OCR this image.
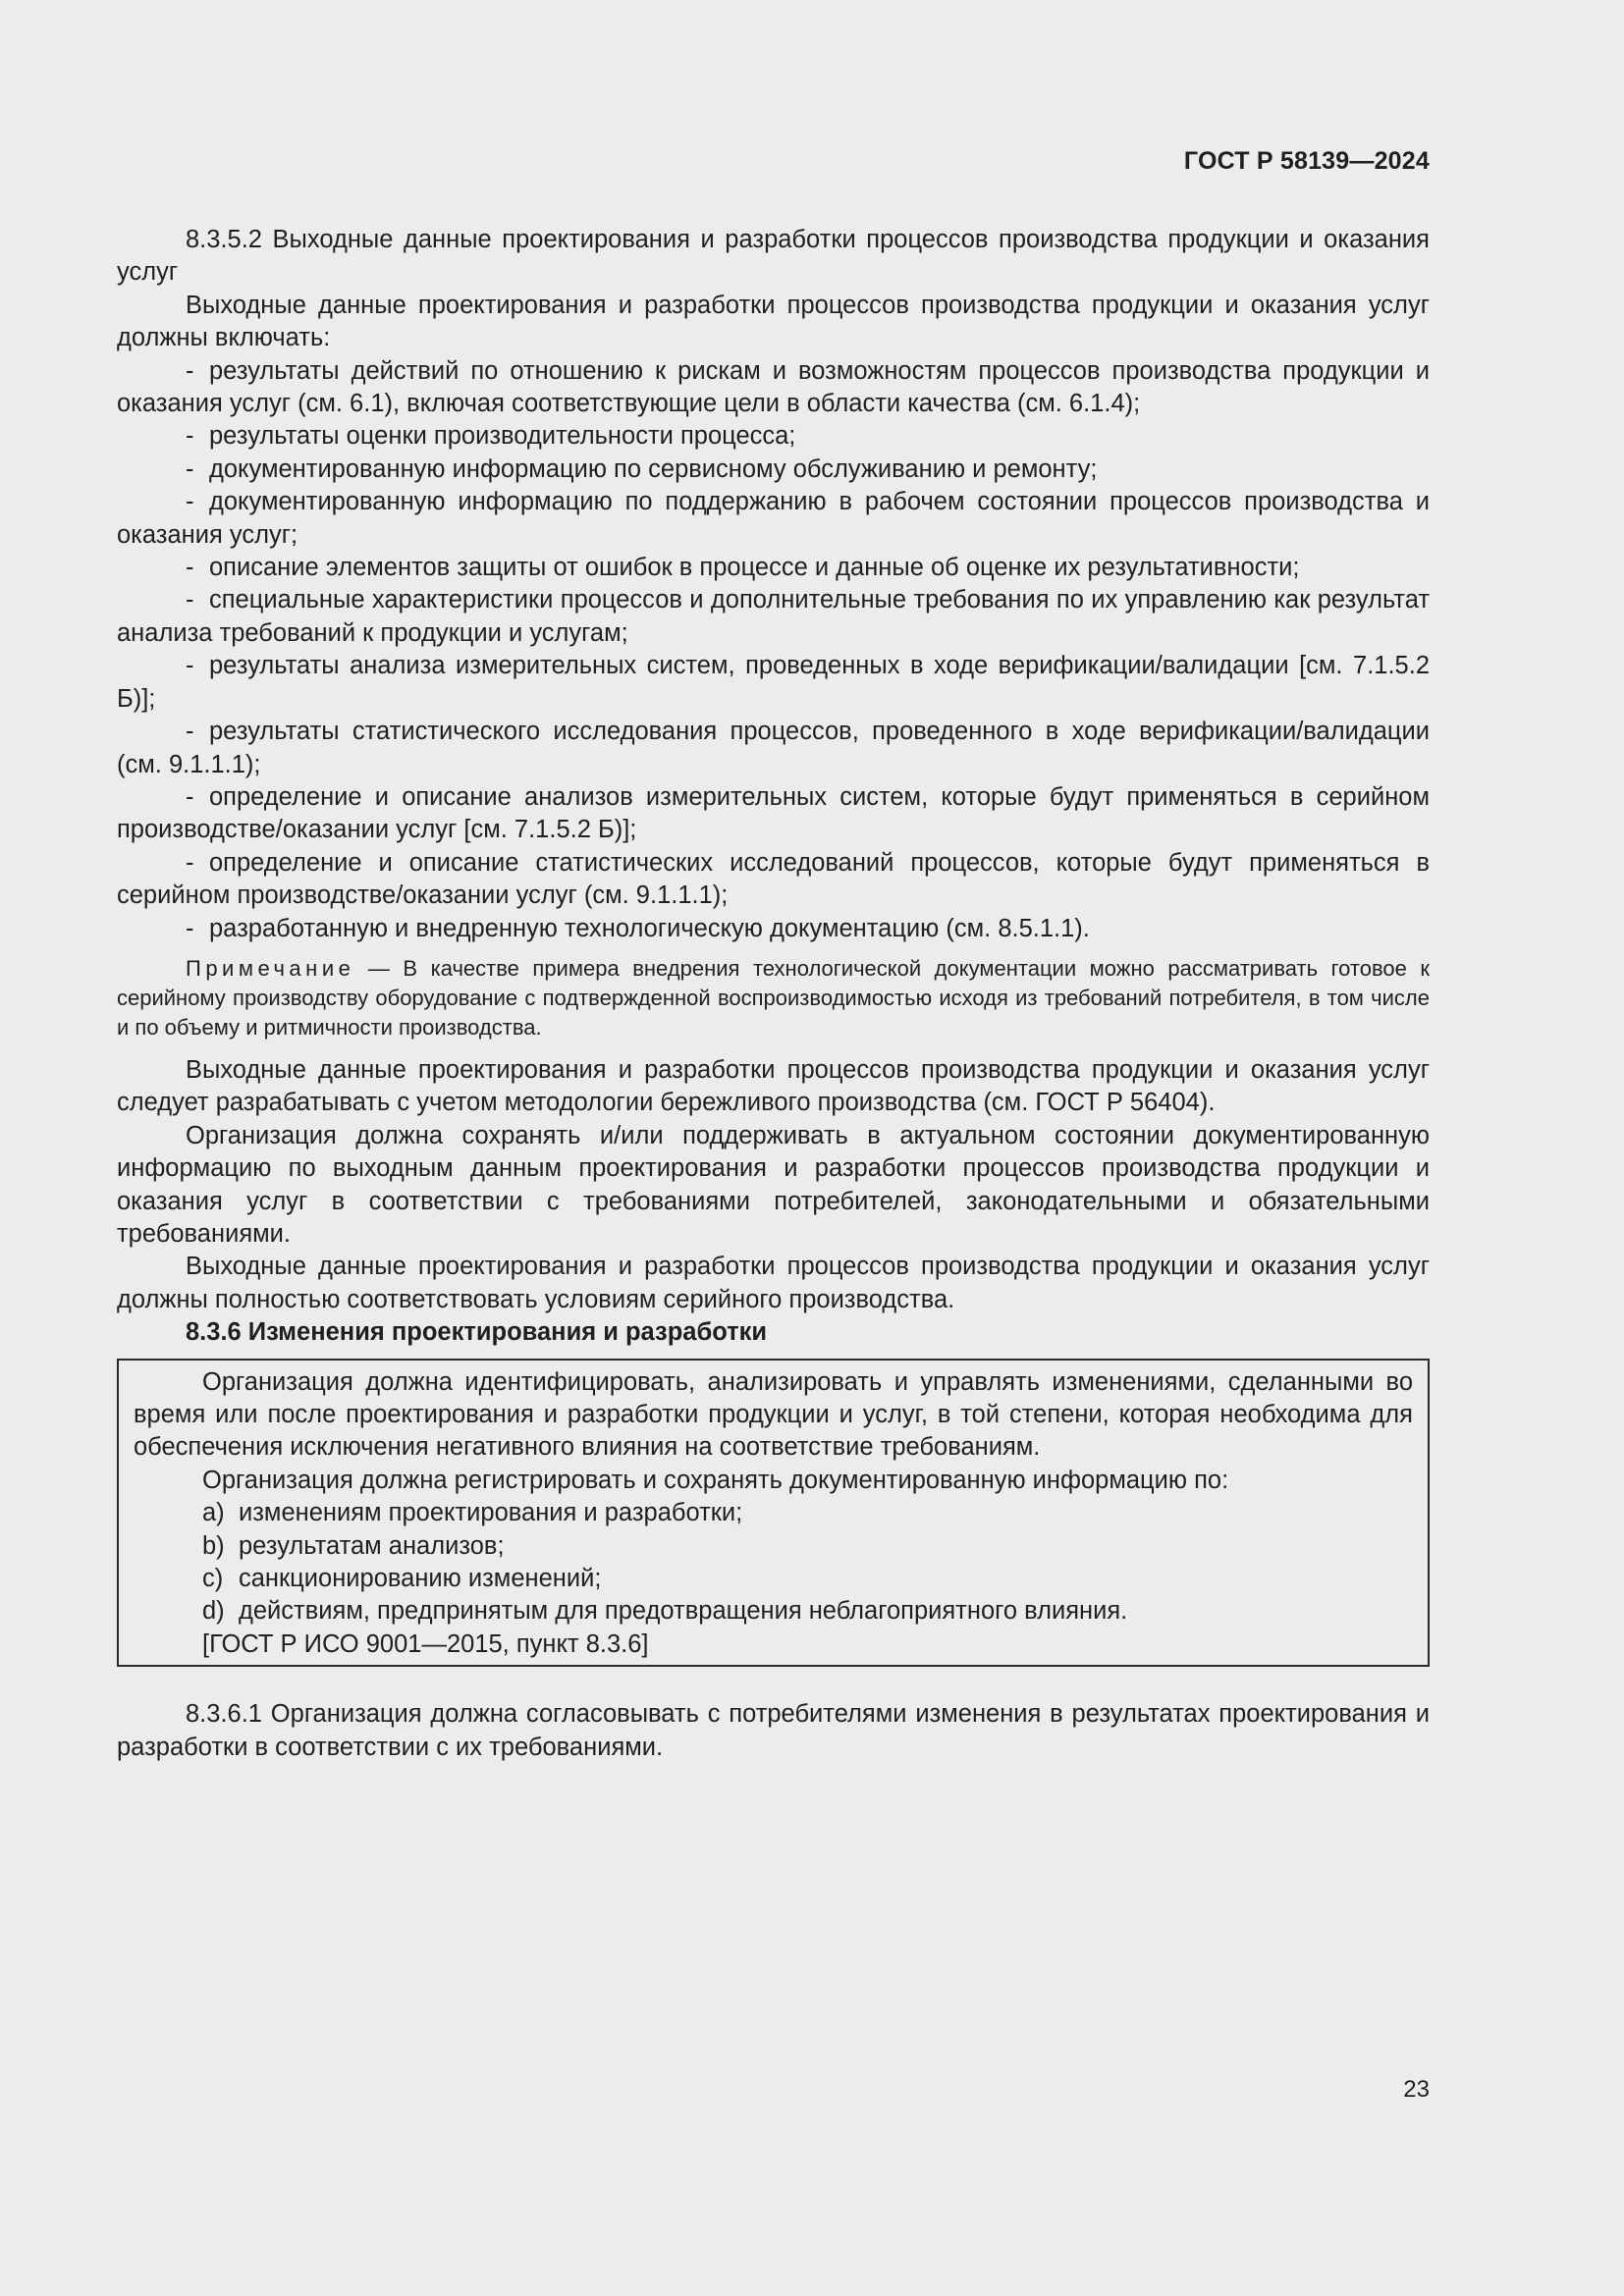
ГОСТ Р 58139—2024

8.3.5.2 Выходные данные проектирования и разработки процессов производства продукции и оказания услуг

Выходные данные проектирования и разработки процессов производства продукции и оказания услуг должны включать:

- результаты действий по отношению к рискам и возможностям процессов производства продукции и оказания услуг (см. 6.1), включая соответствующие цели в области качества (см. 6.1.4);

- результаты оценки производительности процесса;

- документированную информацию по сервисному обслуживанию и ремонту;

- документированную информацию по поддержанию в рабочем состоянии процессов производства и оказания услуг;

- описание элементов защиты от ошибок в процессе и данные об оценке их результативности;

- специальные характеристики процессов и дополнительные требования по их управлению как результат анализа требований к продукции и услугам;

- результаты анализа измерительных систем, проведенных в ходе верификации/валидации [см. 7.1.5.2 Б)];

- результаты статистического исследования процессов, проведенного в ходе верификации/валидации (см. 9.1.1.1);

- определение и описание анализов измерительных систем, которые будут применяться в серийном производстве/оказании услуг [см. 7.1.5.2 Б)];

- определение и описание статистических исследований процессов, которые будут применяться в серийном производстве/оказании услуг (см. 9.1.1.1);

- разработанную и внедренную технологическую документацию (см. 8.5.1.1).

Примечание — В качестве примера внедрения технологической документации можно рассматривать готовое к серийному производству оборудование с подтвержденной воспроизводимостью исходя из требований потребителя, в том числе и по объему и ритмичности производства.

Выходные данные проектирования и разработки процессов производства продукции и оказания услуг следует разрабатывать с учетом методологии бережливого производства (см. ГОСТ Р 56404).

Организация должна сохранять и/или поддерживать в актуальном состоянии документированную информацию по выходным данным проектирования и разработки процессов производства продукции и оказания услуг в соответствии с требованиями потребителей, законодательными и обязательными требованиями.

Выходные данные проектирования и разработки процессов производства продукции и оказания услуг должны полностью соответствовать условиям серийного производства.

8.3.6 Изменения проектирования и разработки

Организация должна идентифицировать, анализировать и управлять изменениями, сделанными во время или после проектирования и разработки продукции и услуг, в той степени, которая необходима для обеспечения исключения негативного влияния на соответствие требованиям.

Организация должна регистрировать и сохранять документированную информацию по:

a) изменениям проектирования и разработки;

b) результатам анализов;

c) санкционированию изменений;

d) действиям, предпринятым для предотвращения неблагоприятного влияния.

[ГОСТ Р ИСО 9001—2015, пункт 8.3.6]

8.3.6.1 Организация должна согласовывать с потребителями изменения в результатах проектирования и разработки в соответствии с их требованиями.

23
